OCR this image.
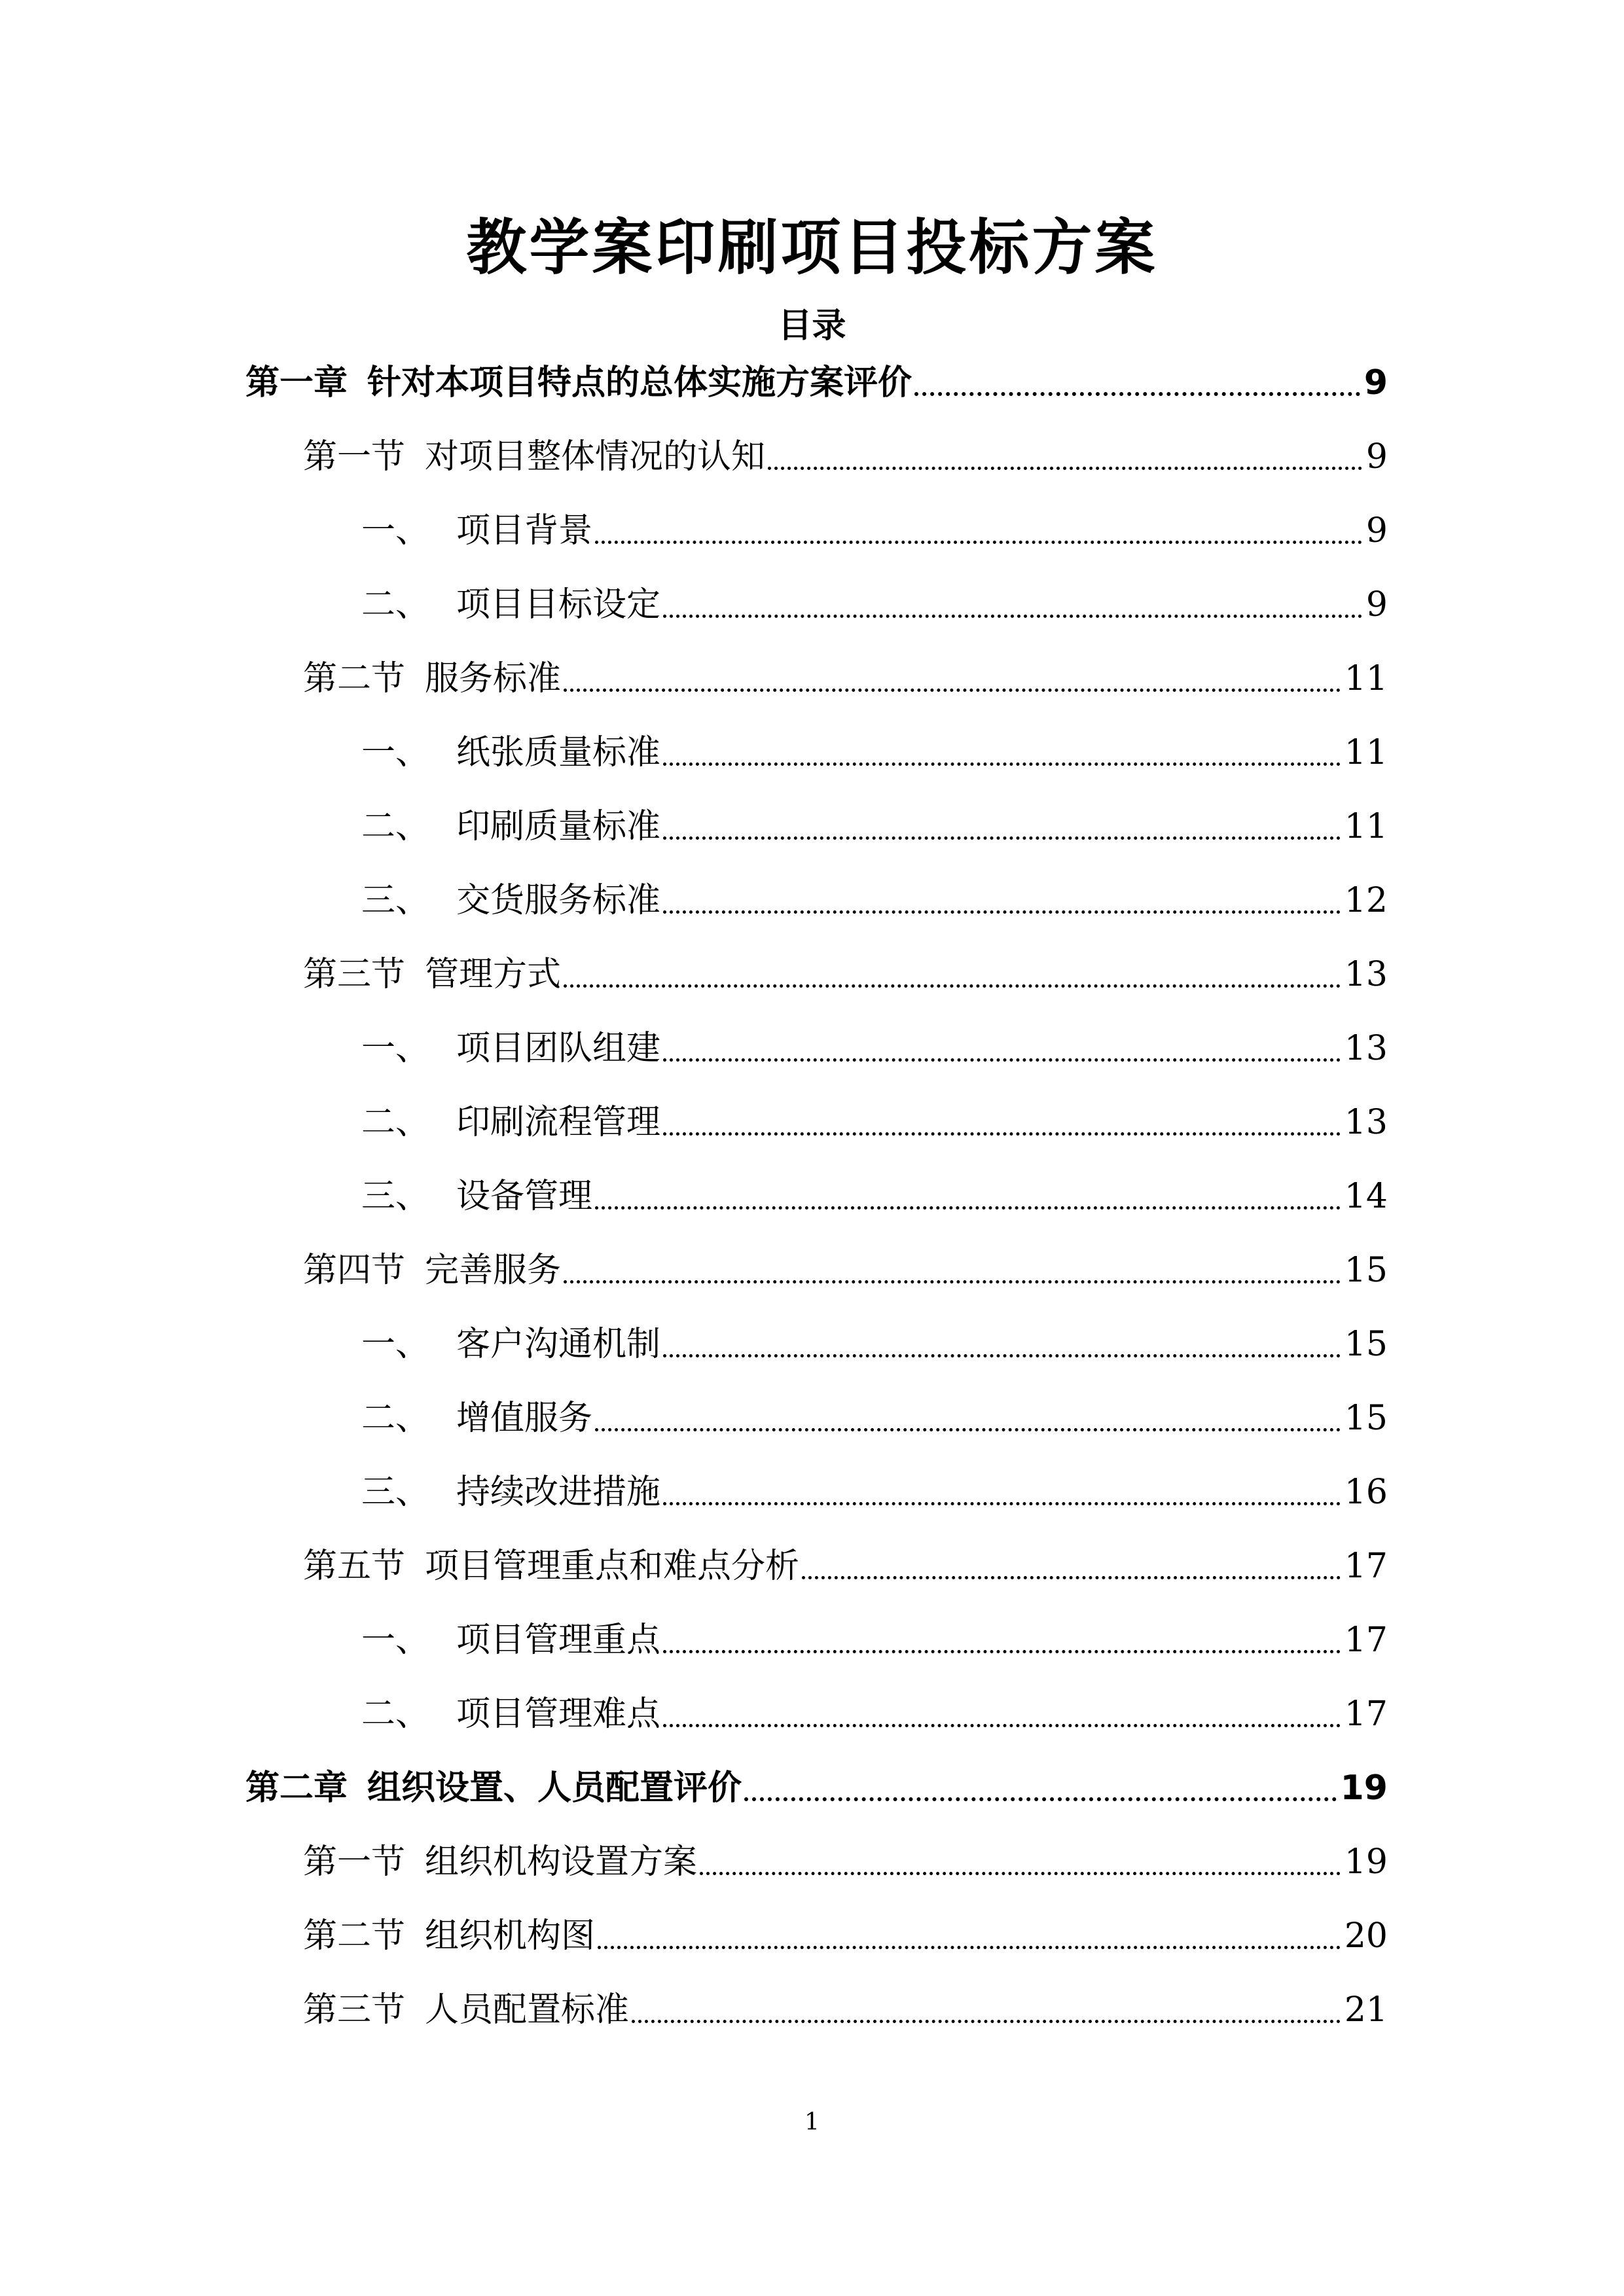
教学案印刷项目投标方案
目录
第一章 针对本项目特点的总体实施方案评价	9
第一节 对项目整体情况的认知	9
一、 项目背景	9
二、 项目目标设定	9
第二节 服务标准	11
一、 纸张质量标准	11
二、 印刷质量标准	11
三、 交货服务标准	12
第三节 管理方式	13
一、 项目团队组建	13
二、 印刷流程管理	13
三、 设备管理	14
第四节 完善服务	15
一、 客户沟通机制	15
二、 增值服务	15
三、 持续改进措施	16
第五节 项目管理重点和难点分析	17
一、 项目管理重点	17
二、 项目管理难点	17
第二章 组织设置、人员配置评价	19
第一节 组织机构设置方案	19
第二节 组织机构图	20
第三节 人员配置标准	21
1
